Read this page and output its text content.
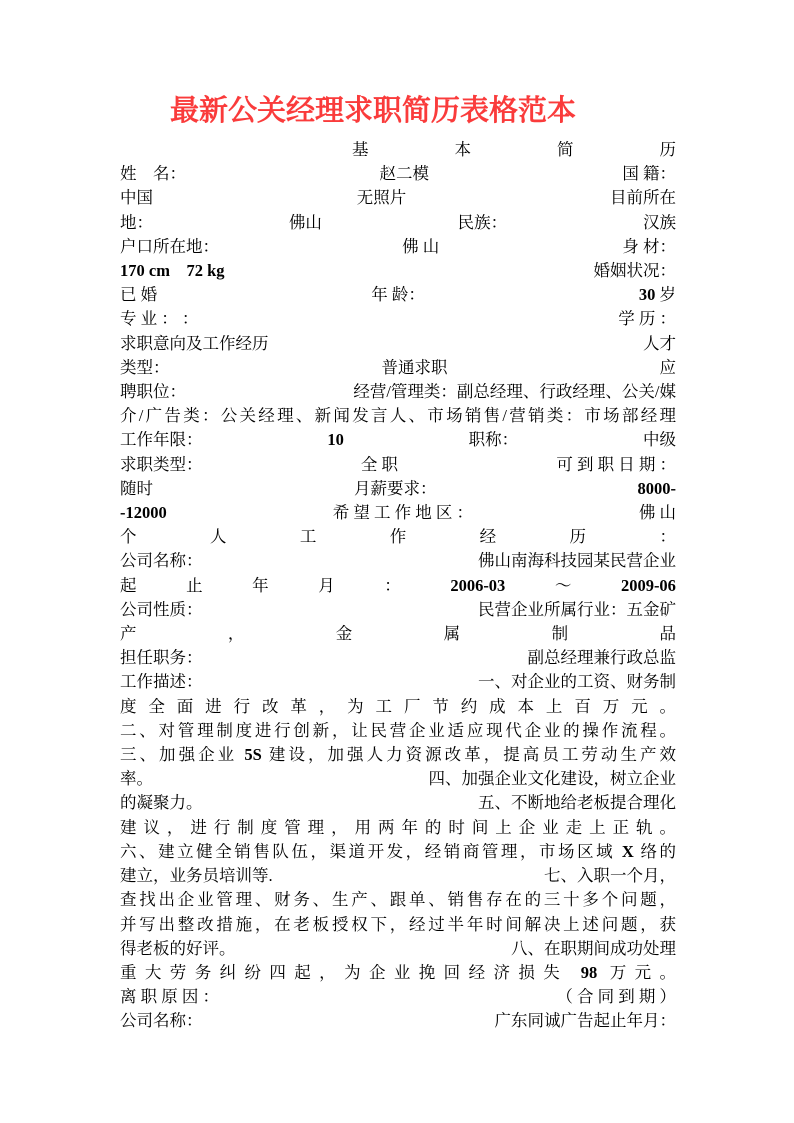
最新公关经理求职简历表格范本
基	本	简	历
姓　名：	赵二模	国 籍：
中国	无照片	目前所在
地：	佛山	民族：	汉族
户口所在地：	佛 山	身 材：
170 cm　72 kg	婚姻状况：
已 婚	年 龄：	30 岁
专 业 ： ：	学 历 ：
求职意向及工作经历	人才
类型：	普通求职	应
聘职位：	经营/管理类：副总经理、行政经理、公关/媒
介/广告类：公关经理、新闻发言人、市场销售/营销类：市场部经理
工作年限：	10	职称：	中级
求职类型：	全 职	可 到 职 日 期 ：
随时	月薪要求：	8000-
-12000	希 望 工 作 地 区 ：	佛 山
个	人	工	作	经	历	：
公司名称：	佛山南海科技园某民营企业
起	止	年	月	：	2006-03	～	2009-06
公司性质：	民营企业所属行业：五金矿
产	，	金	属	制	品
担任职务：	副总经理兼行政总监
工作描述：	一、对企业的工资、财务制
度全面进行改革，为工厂节约成本上百万元。
二、对管理制度进行创新，让民营企业适应现代企业的操作流程。
三、加强企业 5S 建设，加强人力资源改革，提高员工劳动生产效
率。	四、加强企业文化建设，树立企业
的凝聚力。	五、不断地给老板提合理化
建议，进行制度管理，用两年的时间上企业走上正轨。
六、建立健全销售队伍，渠道开发，经销商管理，市场区域 X 络的
建立，业务员培训等.	七、入职一个月，
查找出企业管理、财务、生产、跟单、销售存在的三十多个问题，
并写出整改措施，在老板授权下，经过半年时间解决上述问题，获
得老板的好评。	八、在职期间成功处理
重大劳务纠纷四起，为企业挽回经济损失 98 万元。
离 职 原 因 ：	（ 合 同 到 期 ）
公司名称：	广东同诚广告起止年月：
